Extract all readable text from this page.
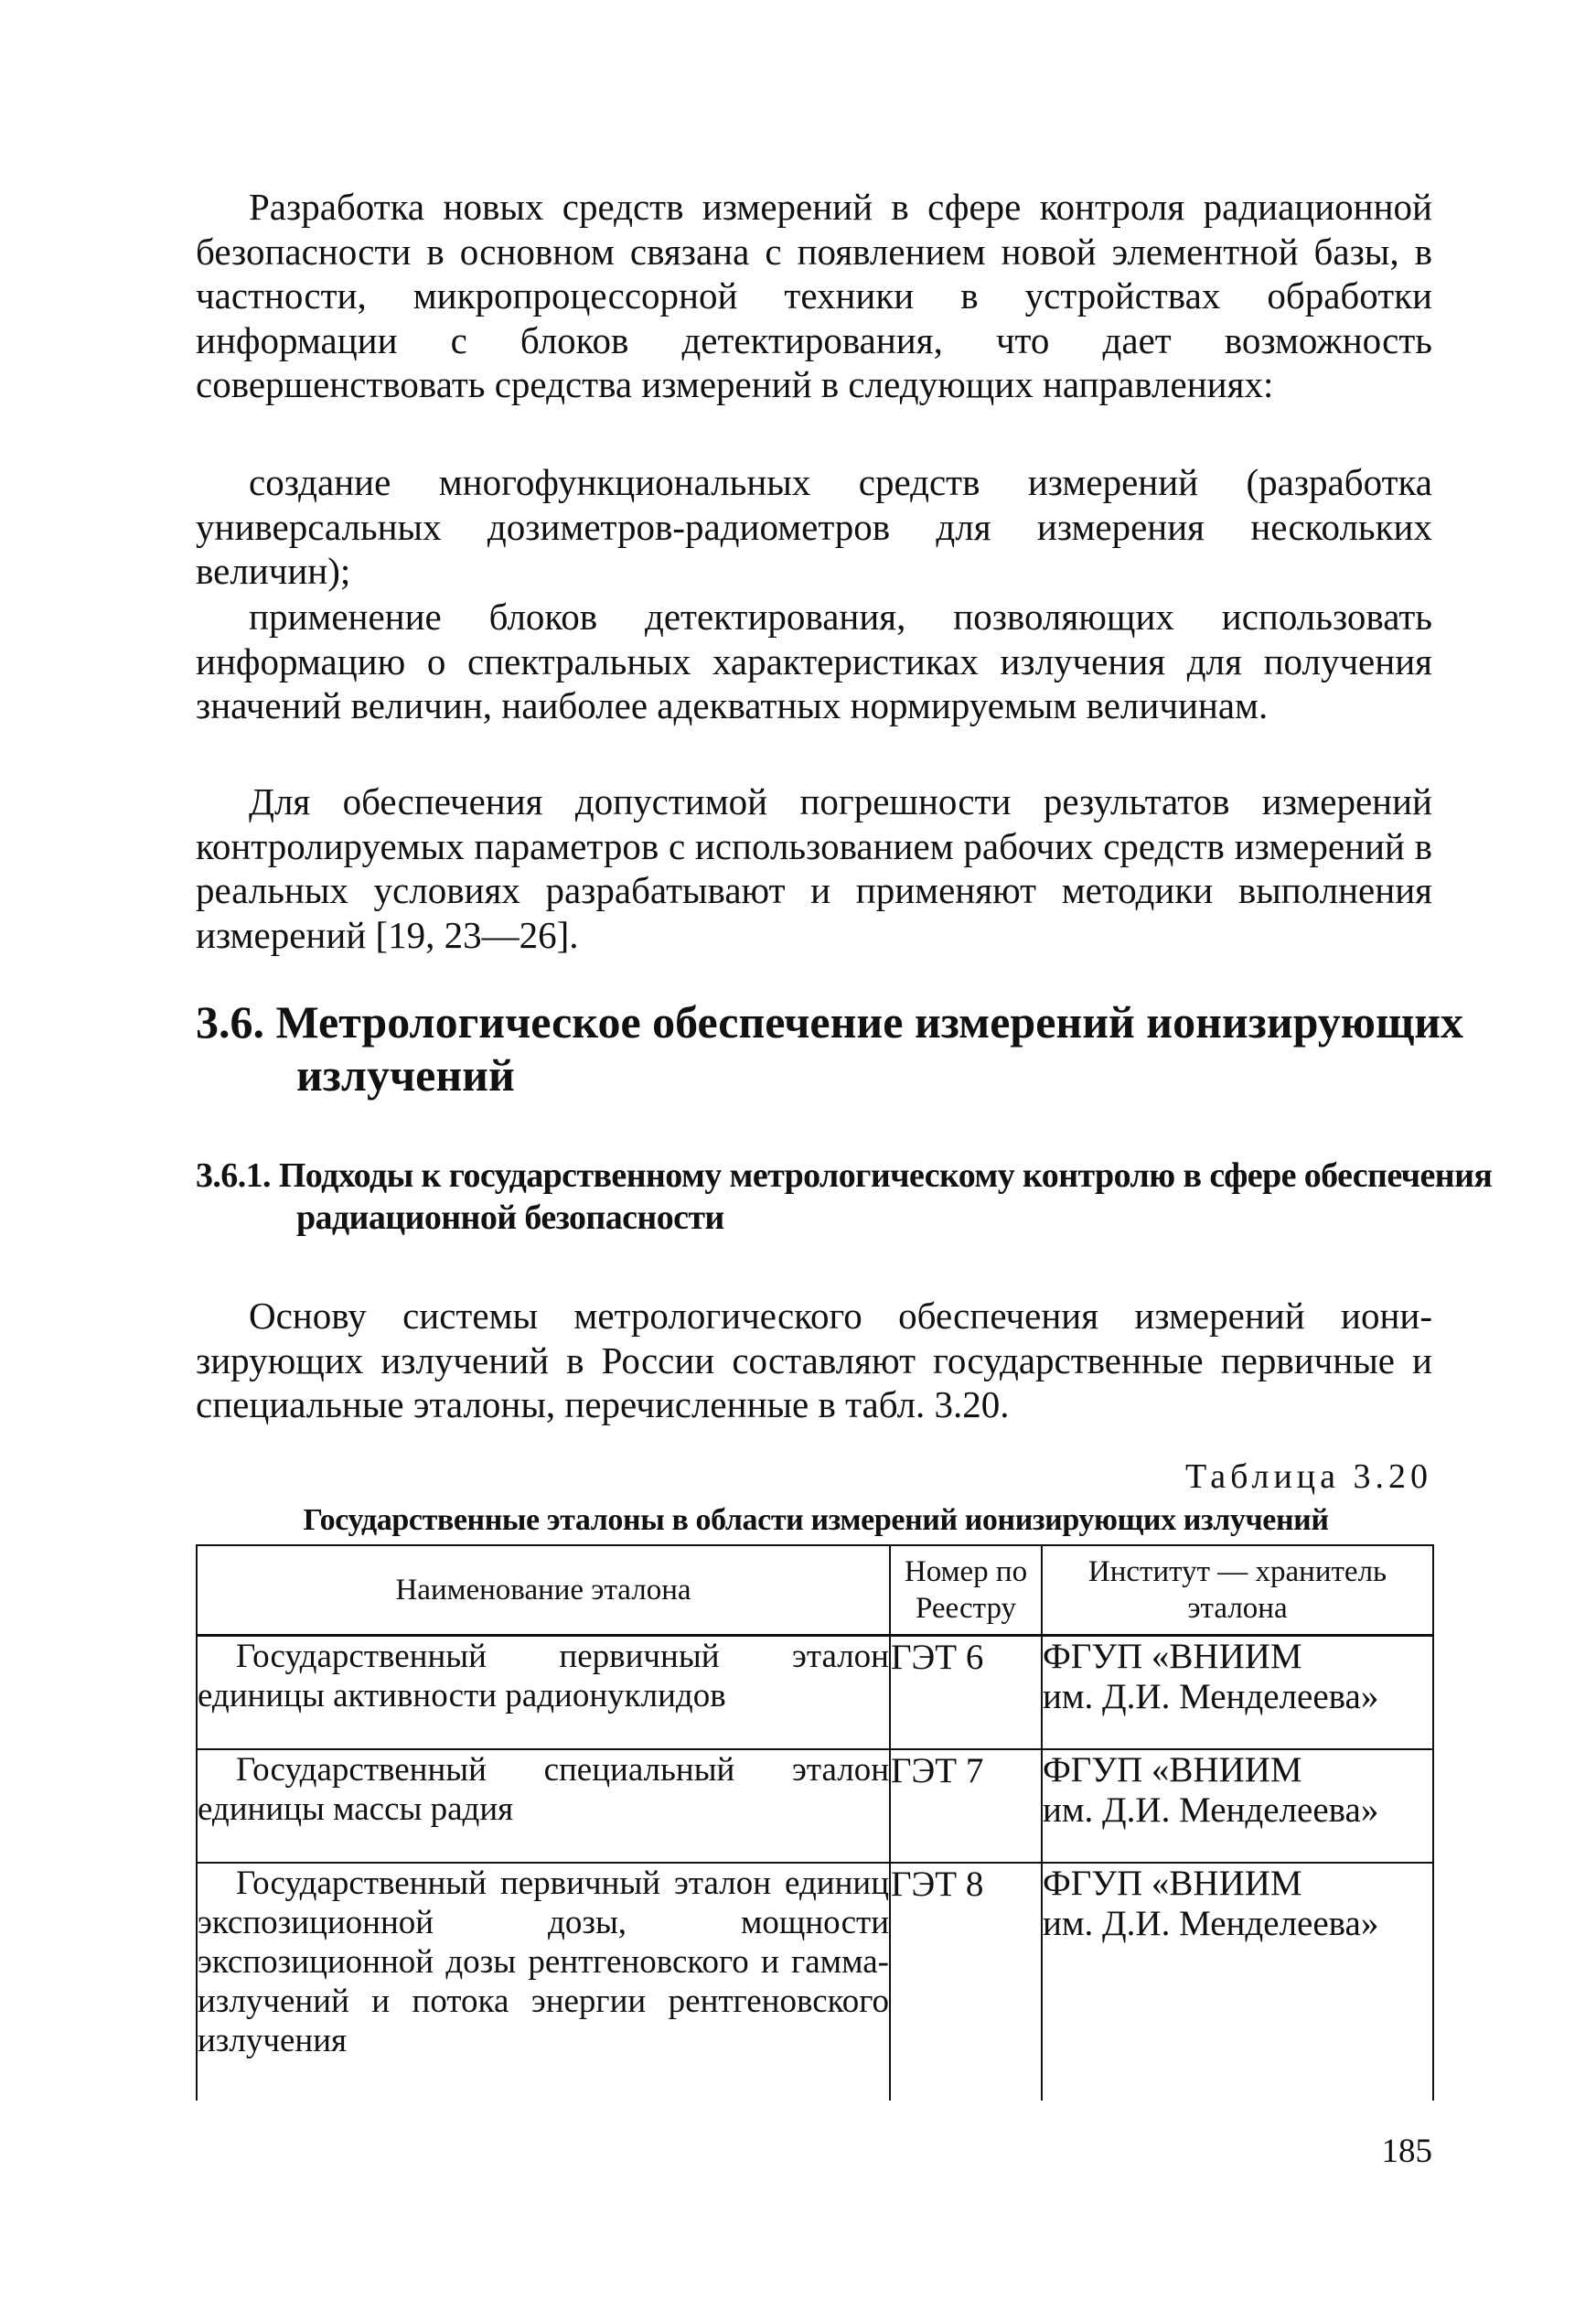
Разработка новых средств измерений в сфере контроля радиационной безопасности в основном связана с появлением новой элементной базы, в частности, микропроцессорной техники в устройствах обработки информации с блоков детектирования, что дает возможность совершенствовать средства измерений в следующих направлениях:

создание многофункциональных средств измерений (разработка универсальных дозиметров-радиометров для измерения нескольких величин);

применение блоков детектирования, позволяющих использовать информацию о спектральных характеристиках излучения для получения значений величин, наиболее адекватных нормируемым величинам.

Для обеспечения допустимой погрешности результатов измерений контролируемых параметров с использованием рабочих средств измерений в реальных условиях разрабатывают и применяют методики выполнения измерений [19, 23—26].

3.6. Метрологическое обеспечение измерений ионизирующих излучений
3.6.1. Подходы к государственному метрологическому контролю в сфере обеспечения радиационной безопасности

Основу системы метрологического обеспечения измерений ионизирующих излучений в России составляют государственные первичные и специальные эталоны, перечисленные в табл. 3.20.

Таблица 3.20
Государственные эталоны в области измерений ионизирующих излучений
Наименование эталона	Номер по Реестру	Институт — хранитель эталона

Государственный первичный эталон единицы активности радионуклидов	ГЭТ 6	ФГУП «ВНИИМ
им. Д.И. Менделеева»

Государственный специальный эталон единицы массы радия	ГЭТ 7	ФГУП «ВНИИМ
им. Д.И. Менделеева»

Государственный первичный эталон единиц экспозиционной дозы, мощности экспозиционной дозы рентгеновского и гамма-излучений и потока энергии рентгеновского излучения	ГЭТ 8	ФГУП «ВНИИМ
им. Д.И. Менделеева»
185
